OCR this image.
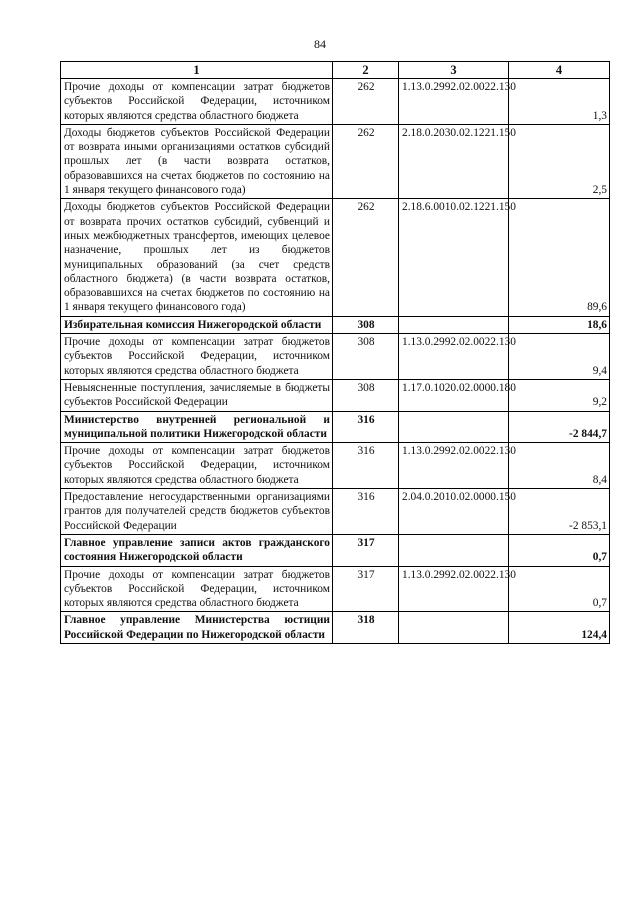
84
1	2	3	4
Прочие доходы от компенсации затрат бюджетов субъектов Российской Федерации, источником которых являются средства областного бюджета	262	1.13.0.2992.02.0022.130	1,3
Доходы бюджетов субъектов Российской Федерации от возврата иными организациями остатков субсидий прошлых лет (в части возврата остатков, образовавшихся на счетах бюджетов по состоянию на 1 января текущего финансового года)	262	2.18.0.2030.02.1221.150	2,5
Доходы бюджетов субъектов Российской Федерации от возврата прочих остатков субсидий, субвенций и иных межбюджетных трансфертов, имеющих целевое назначение, прошлых лет из бюджетов муниципальных образований (за счет средств областного бюджета) (в части возврата остатков, образовавшихся на счетах бюджетов по состоянию на 1 января текущего финансового года)	262	2.18.6.0010.02.1221.150	89,6
Избирательная комиссия Нижегородской области	308		18,6
Прочие доходы от компенсации затрат бюджетов субъектов Российской Федерации, источником которых являются средства областного бюджета	308	1.13.0.2992.02.0022.130	9,4
Невыясненные поступления, зачисляемые в бюджеты субъектов Российской Федерации	308	1.17.0.1020.02.0000.180	9,2
Министерство внутренней региональной и муниципальной политики Нижегородской области	316		-2 844,7
Прочие доходы от компенсации затрат бюджетов субъектов Российской Федерации, источником которых являются средства областного бюджета	316	1.13.0.2992.02.0022.130	8,4
Предоставление негосударственными организациями грантов для получателей средств бюджетов субъектов Российской Федерации	316	2.04.0.2010.02.0000.150	-2 853,1
Главное управление записи актов гражданского состояния Нижегородской области	317		0,7
Прочие доходы от компенсации затрат бюджетов субъектов Российской Федерации, источником которых являются средства областного бюджета	317	1.13.0.2992.02.0022.130	0,7
Главное управление Министерства юстиции Российской Федерации по Нижегородской области	318		124,4
